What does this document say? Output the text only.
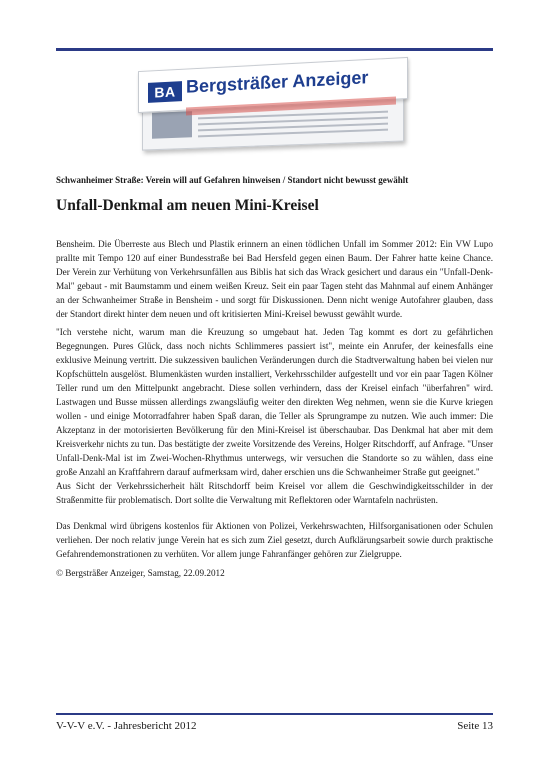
BA Bergsträßer Anzeiger
Schwanheimer Straße: Verein will auf Gefahren hinweisen / Standort nicht bewusst gewählt
Unfall-Denkmal am neuen Mini-Kreisel
Bensheim. Die Überreste aus Blech und Plastik erinnern an einen tödlichen Unfall im Sommer 2012: Ein VW Lupo prallte mit Tempo 120 auf einer Bundesstraße bei Bad Hersfeld gegen einen Baum. Der Fahrer hatte keine Chance. Der Verein zur Verhütung von Verkehrsunfällen aus Biblis hat sich das Wrack gesichert und daraus ein "Unfall-Denk-Mal" gebaut - mit Baumstamm und einem weißen Kreuz. Seit ein paar Tagen steht das Mahnmal auf einem Anhänger an der Schwanheimer Straße in Bensheim - und sorgt für Diskussionen. Denn nicht wenige Autofahrer glauben, dass der Standort direkt hinter dem neuen und oft kritisierten Mini-Kreisel bewusst gewählt wurde.
"Ich verstehe nicht, warum man die Kreuzung so umgebaut hat. Jeden Tag kommt es dort zu gefährlichen Begegnungen. Pures Glück, dass noch nichts Schlimmeres passiert ist", meinte ein Anrufer, der keinesfalls eine exklusive Meinung vertritt. Die sukzessiven baulichen Veränderungen durch die Stadtverwaltung haben bei vielen nur Kopfschütteln ausgelöst. Blumenkästen wurden installiert, Verkehrsschilder aufgestellt und vor ein paar Tagen Kölner Teller rund um den Mittelpunkt angebracht. Diese sollen verhindern, dass der Kreisel einfach "überfahren" wird. Lastwagen und Busse müssen allerdings zwangsläufig weiter den direkten Weg nehmen, wenn sie die Kurve kriegen wollen - und einige Motorradfahrer haben Spaß daran, die Teller als Sprungrampe zu nutzen. Wie auch immer: Die Akzeptanz in der motorisierten Bevölkerung für den Mini-Kreisel ist überschaubar. Das Denkmal hat aber mit dem Kreisverkehr nichts zu tun. Das bestätigte der zweite Vorsitzende des Vereins, Holger Ritschdorff, auf Anfrage. "Unser Unfall-Denk-Mal ist im Zwei-Wochen-Rhythmus unterwegs, wir versuchen die Standorte so zu wählen, dass eine große Anzahl an Kraftfahrern darauf aufmerksam wird, daher erschien uns die Schwanheimer Straße gut geeignet."
Aus Sicht der Verkehrssicherheit hält Ritschdorff beim Kreisel vor allem die Geschwindigkeitsschilder in der Straßenmitte für problematisch. Dort sollte die Verwaltung mit Reflektoren oder Warntafeln nachrüsten.
Das Denkmal wird übrigens kostenlos für Aktionen von Polizei, Verkehrswachten, Hilfsorganisationen oder Schulen verliehen. Der noch relativ junge Verein hat es sich zum Ziel gesetzt, durch Aufklärungsarbeit sowie durch praktische Gefahrendemonstrationen zu verhüten. Vor allem junge Fahranfänger gehören zur Zielgruppe.
© Bergsträßer Anzeiger, Samstag, 22.09.2012
V-V-V e.V. - Jahresbericht 2012	Seite 13
